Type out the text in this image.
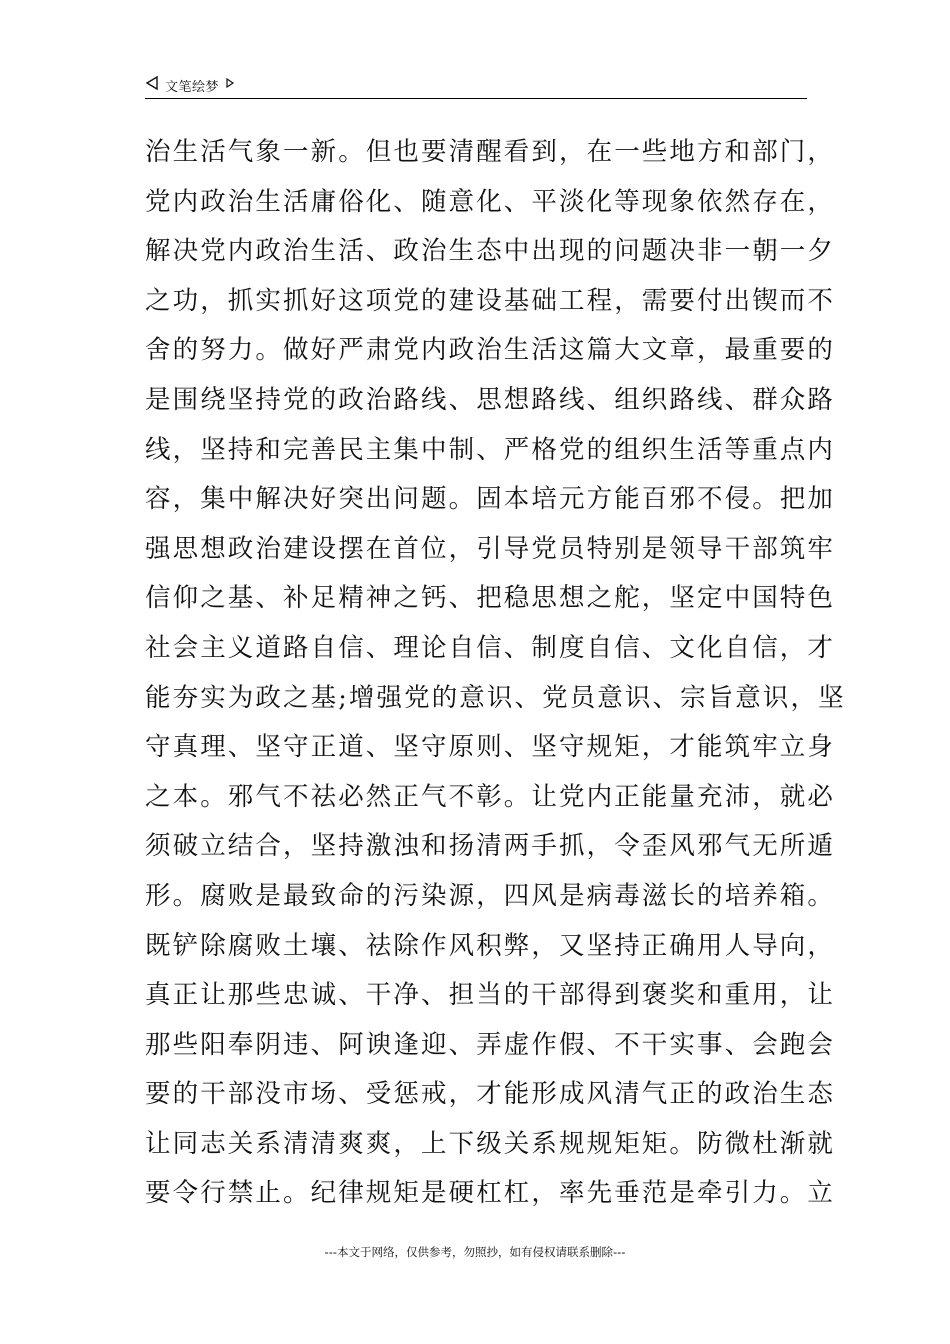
文笔绘梦
治生活气象一新。但也要清醒看到，在一些地方和部门，
党内政治生活庸俗化、随意化、平淡化等现象依然存在，
解决党内政治生活、政治生态中出现的问题决非一朝一夕
之功，抓实抓好这项党的建设基础工程，需要付出锲而不
舍的努力。做好严肃党内政治生活这篇大文章，最重要的
是围绕坚持党的政治路线、思想路线、组织路线、群众路
线，坚持和完善民主集中制、严格党的组织生活等重点内
容，集中解决好突出问题。固本培元方能百邪不侵。把加
强思想政治建设摆在首位，引导党员特别是领导干部筑牢
信仰之基、补足精神之钙、把稳思想之舵，坚定中国特色
社会主义道路自信、理论自信、制度自信、文化自信，才
能夯实为政之基;增强党的意识、党员意识、宗旨意识，坚
守真理、坚守正道、坚守原则、坚守规矩，才能筑牢立身
之本。邪气不祛必然正气不彰。让党内正能量充沛，就必
须破立结合，坚持激浊和扬清两手抓，令歪风邪气无所遁
形。腐败是最致命的污染源，四风是病毒滋长的培养箱。
既铲除腐败土壤、祛除作风积弊，又坚持正确用人导向，
真正让那些忠诚、干净、担当的干部得到褒奖和重用，让
那些阳奉阴违、阿谀逢迎、弄虚作假、不干实事、会跑会
要的干部没市场、受惩戒，才能形成风清气正的政治生态
让同志关系清清爽爽，上下级关系规规矩矩。防微杜渐就
要令行禁止。纪律规矩是硬杠杠，率先垂范是牵引力。立
---本文于网络，仅供参考，勿照抄，如有侵权请联系删除---
